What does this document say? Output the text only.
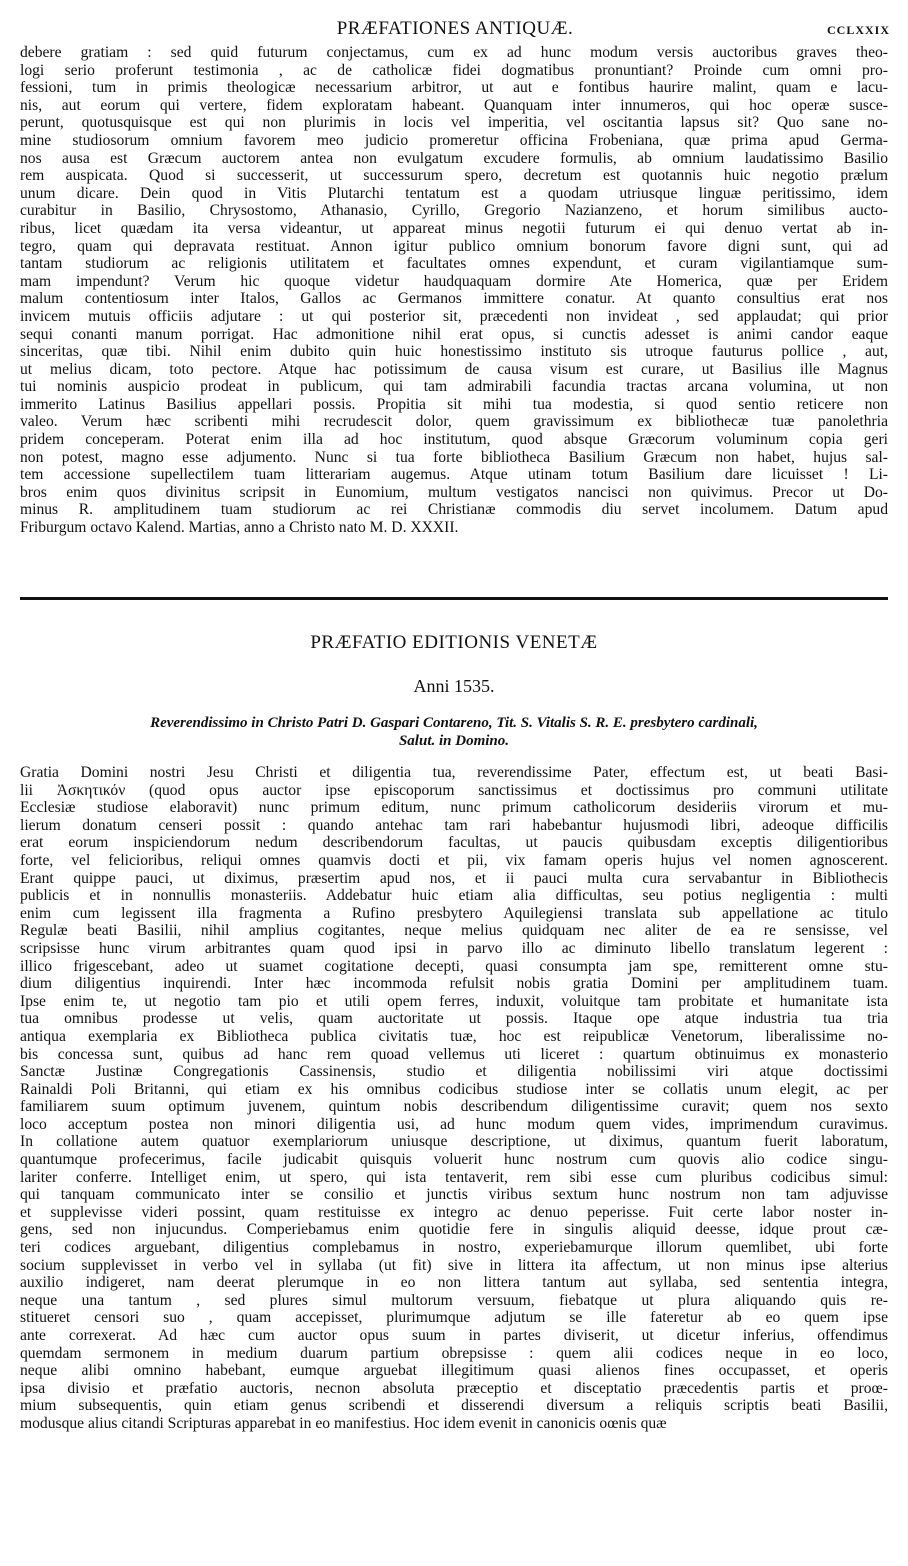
PRÆFATIONES ANTIQUÆ.	CCLXXIX
debere gratiam : sed quid futurum conjectamus, cum ex ad hunc modum versis auctoribus graves theo-
logi serio proferunt testimonia , ac de catholicæ fidei dogmatibus pronuntiant? Proinde cum omni pro-
fessioni, tum in primis theologicæ necessarium arbitror, ut aut e fontibus haurire malint, quam e lacu-
nis, aut eorum qui vertere, fidem exploratam habeant. Quanquam inter innumeros, qui hoc operæ susce-
perunt, quotusquisque est qui non plurimis in locis vel imperitia, vel oscitantia lapsus sit? Quo sane no-
mine studiosorum omnium favorem meo judicio promeretur officina Frobeniana, quæ prima apud Germa-
nos ausa est Græcum auctorem antea non evulgatum excudere formulis, ab omnium laudatissimo Basilio
rem auspicata. Quod si successerit, ut successurum spero, decretum est quotannis huic negotio prælum
unum dicare. Dein quod in Vitis Plutarchi tentatum est a quodam utriusque linguæ peritissimo, idem
curabitur in Basilio, Chrysostomo, Athanasio, Cyrillo, Gregorio Nazianzeno, et horum similibus aucto-
ribus, licet quædam ita versa videantur, ut appareat minus negotii futurum ei qui denuo vertat ab in-
tegro, quam qui depravata restituat. Annon igitur publico omnium bonorum favore digni sunt, qui ad
tantam studiorum ac religionis utilitatem et facultates omnes expendunt, et curam vigilantiamque sum-
mam impendunt? Verum hic quoque videtur haudquaquam dormire Ate Homerica, quæ per Eridem
malum contentiosum inter Italos, Gallos ac Germanos immittere conatur. At quanto consultius erat nos
invicem mutuis officiis adjutare : ut qui posterior sit, præcedenti non invideat , sed applaudat; qui prior
sequi conanti manum porrigat. Hac admonitione nihil erat opus, si cunctis adesset is animi candor eaque
sinceritas, quæ tibi. Nihil enim dubito quin huic honestissimo instituto sis utroque fauturus pollice , aut,
ut melius dicam, toto pectore. Atque hac potissimum de causa visum est curare, ut Basilius ille Magnus
tui nominis auspicio prodeat in publicum, qui tam admirabili facundia tractas arcana volumina, ut non
immerito Latinus Basilius appellari possis. Propitia sit mihi tua modestia, si quod sentio reticere non
valeo. Verum hæc scribenti mihi recrudescit dolor, quem gravissimum ex bibliothecæ tuæ panolethria
pridem conceperam. Poterat enim illa ad hoc institutum, quod absque Græcorum voluminum copia geri
non potest, magno esse adjumento. Nunc si tua forte bibliotheca Basilium Græcum non habet, hujus sal-
tem accessione supellectilem tuam litterariam augemus. Atque utinam totum Basilium dare licuisset ! Li-
bros enim quos divinitus scripsit in Eunomium, multum vestigatos nanciscі non quivimus. Precor ut Do-
minus R. amplitudinem tuam studiorum ac rei Christianæ commodis diu servet incolumem. Datum apud
Friburgum octavo Kalend. Martias, anno a Christo nato M. D. XXXII.
PRÆFATIO EDITIONIS VENETÆ
Anni 1535.
Reverendissimo in Christo Patri D. Gaspari Contareno, Tit. S. Vitalis S. R. E. presbytero cardinali,
Salut. in Domino.
Gratia Domini nostri Jesu Christi et diligentia tua, reverendissime Pater, effectum est, ut beati Basi-
lii Ἀσκητικόν (quod opus auctor ipse episcoporum sanctissimus et doctissimus pro communi utilitate
Ecclesiæ studiose elaboravit) nunc primum editum, nunc primum catholicorum desideriis virorum et mu-
lierum donatum censeri possit : quando antehac tam rari habebantur hujusmodi libri, adeoque difficilis
erat eorum inspiciendorum nedum describendorum facultas, ut paucis quibusdam exceptis diligentioribus
forte, vel felicioribus, reliqui omnes quamvis docti et pii, vix famam operis hujus vel nomen agnoscerent.
Erant quippe pauci, ut diximus, præsertim apud nos, et ii pauci multa cura servabantur in Bibliothecis
publicis et in nonnullis monasteriis. Addebatur huic etiam alia difficultas, seu potius negligentia : multi
enim cum legissent illa fragmenta a Rufino presbytero Aquilegiensi translata sub appellatione ac titulo
Regulæ beati Basilii, nihil amplius cogitantes, neque melius quidquam nec aliter de ea re sensisse, vel
scripsisse hunc virum arbitrantes quam quod ipsi in parvo illo ac diminuto libello translatum legerent :
illico frigescebant, adeo ut suamet cogitatione decepti, quasi consumpta jam spe, remitterent omne stu-
dium diligentius inquirendi. Inter hæc incommoda refulsit nobis gratia Domini per amplitudinem tuam.
Ipse enim te, ut negotio tam pio et utili opem ferres, induxit, voluitque tam probitate et humanitate ista
tua omnibus prodesse ut velis, quam auctoritate ut possis. Itaque ope atque industria tua tria
antiqua exemplaria ex Bibliotheca publica civitatis tuæ, hoc est reipublicæ Venetorum, liberalissime no-
bis concessa sunt, quibus ad hanc rem quoad vellemus uti liceret : quartum obtinuimus ex monasterio
Sanctæ Justinæ Congregationis Cassinensis, studio et diligentia nobilissimi viri atque doctissimi
Rainaldi Poli Britanni, qui etiam ex his omnibus codicibus studiose inter se collatis unum elegit, ac per
familiarem suum optimum juvenem, quintum nobis describendum diligentissime curavit; quem nos sexto
loco acceptum postea non minori diligentia usi, ad hunc modum quem vides, imprimendum curavimus.
In collatione autem quatuor exemplariorum uniusque descriptione, ut diximus, quantum fuerit laboratum,
quantumque profecerimus, facile judicabit quisquis voluerit hunc nostrum cum quovis alio codice singu-
lariter conferre. Intelliget enim, ut spero, qui ista tentaverit, rem sibi esse cum pluribus codicibus simul:
qui tanquam communicato inter se consilio et junctis viribus sextum hunc nostrum non tam adjuvisse
et supplevisse videri possint, quam restituisse ex integro ac denuo peperisse. Fuit certe labor noster in-
gens, sed non injucundus. Comperiebamus enim quotidie fere in singulis aliquid deesse, idque prout cæ-
teri codices arguebant, diligentius complebamus in nostro, experiebamurque illorum quemlibet, ubi forte
socium supplevisset in verbo vel in syllaba (ut fit) sive in littera ita affectum, ut non minus ipse alterius
auxilio indigeret, nam deerat plerumque in eo non littera tantum aut syllaba, sed sententia integra,
neque una tantum , sed plures simul multorum versuum, fiebatque ut plura aliquando quis re-
stitueret censori suo , quam accepisset, plurimumque adjutum se ille fateretur ab eo quem ipse
ante correxerat. Ad hæc cum auctor opus suum in partes diviserit, ut dicetur inferius, offendimus
quemdam sermonem in medium duarum partium obrepsisse : quem alii codices neque in eo loco,
neque alibi omnino habebant, eumque arguebat illegitimum quasi alienos fines occupasset, et operis
ipsa divisio et præfatio auctoris, necnon absoluta præceptio et disceptatio præcedentis partis et proœ-
mium subsequentis, quin etiam genus scribendi et disserendi diversum a reliquis scriptis beati Basilii,
modusque alius citandi Scripturas apparebat in eo manifestius. Hoc idem evenit in canonicis oœnis quæ
